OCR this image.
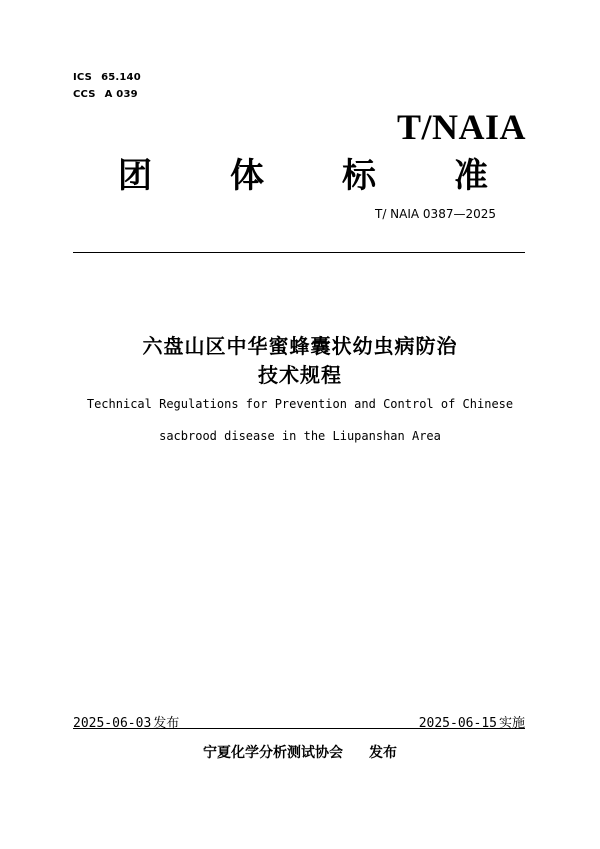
ICS 65.140
CCS A 039
T/NAIA
团 体 标 准
T/ NAIA 0387—2025
六盘山区中华蜜蜂囊状幼虫病防治
技术规程
Technical Regulations for Prevention and Control of Chinese
sacbrood disease in the Liupanshan Area
2025-06-03 发布	2025-06-15 实施
宁夏化学分析测试协会 发布
